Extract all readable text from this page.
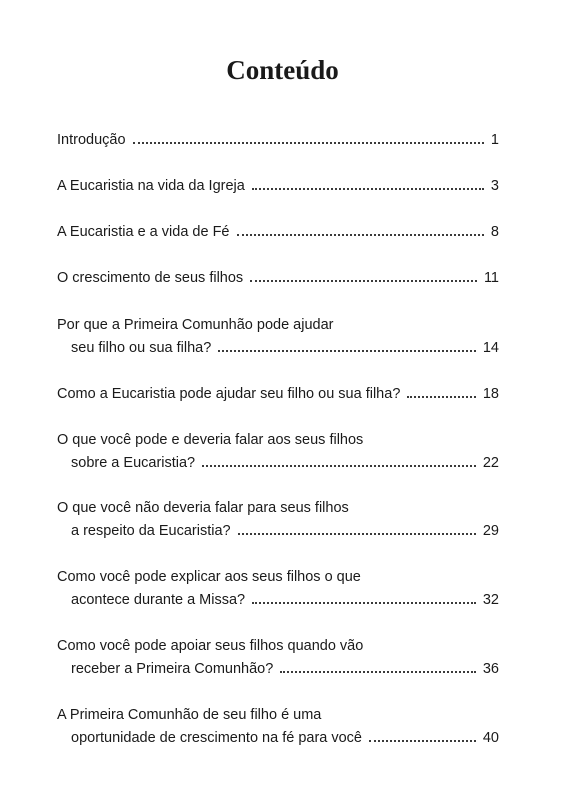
Conteúdo
Introdução	1
A Eucaristia na vida da Igreja	3
A Eucaristia e a vida de Fé	8
O crescimento de seus filhos	11
Por que a Primeira Comunhão pode ajudar
seu filho ou sua filha?	14
Como a Eucaristia pode ajudar seu filho ou sua filha?	18
O que você pode e deveria falar aos seus filhos
sobre a Eucaristia?	22
O que você não deveria falar para seus filhos
a respeito da Eucaristia?	29
Como você pode explicar aos seus filhos o que
acontece durante a Missa?	32
Como você pode apoiar seus filhos quando vão
receber a Primeira Comunhão?	36
A Primeira Comunhão de seu filho é uma
oportunidade de crescimento na fé para você	40
